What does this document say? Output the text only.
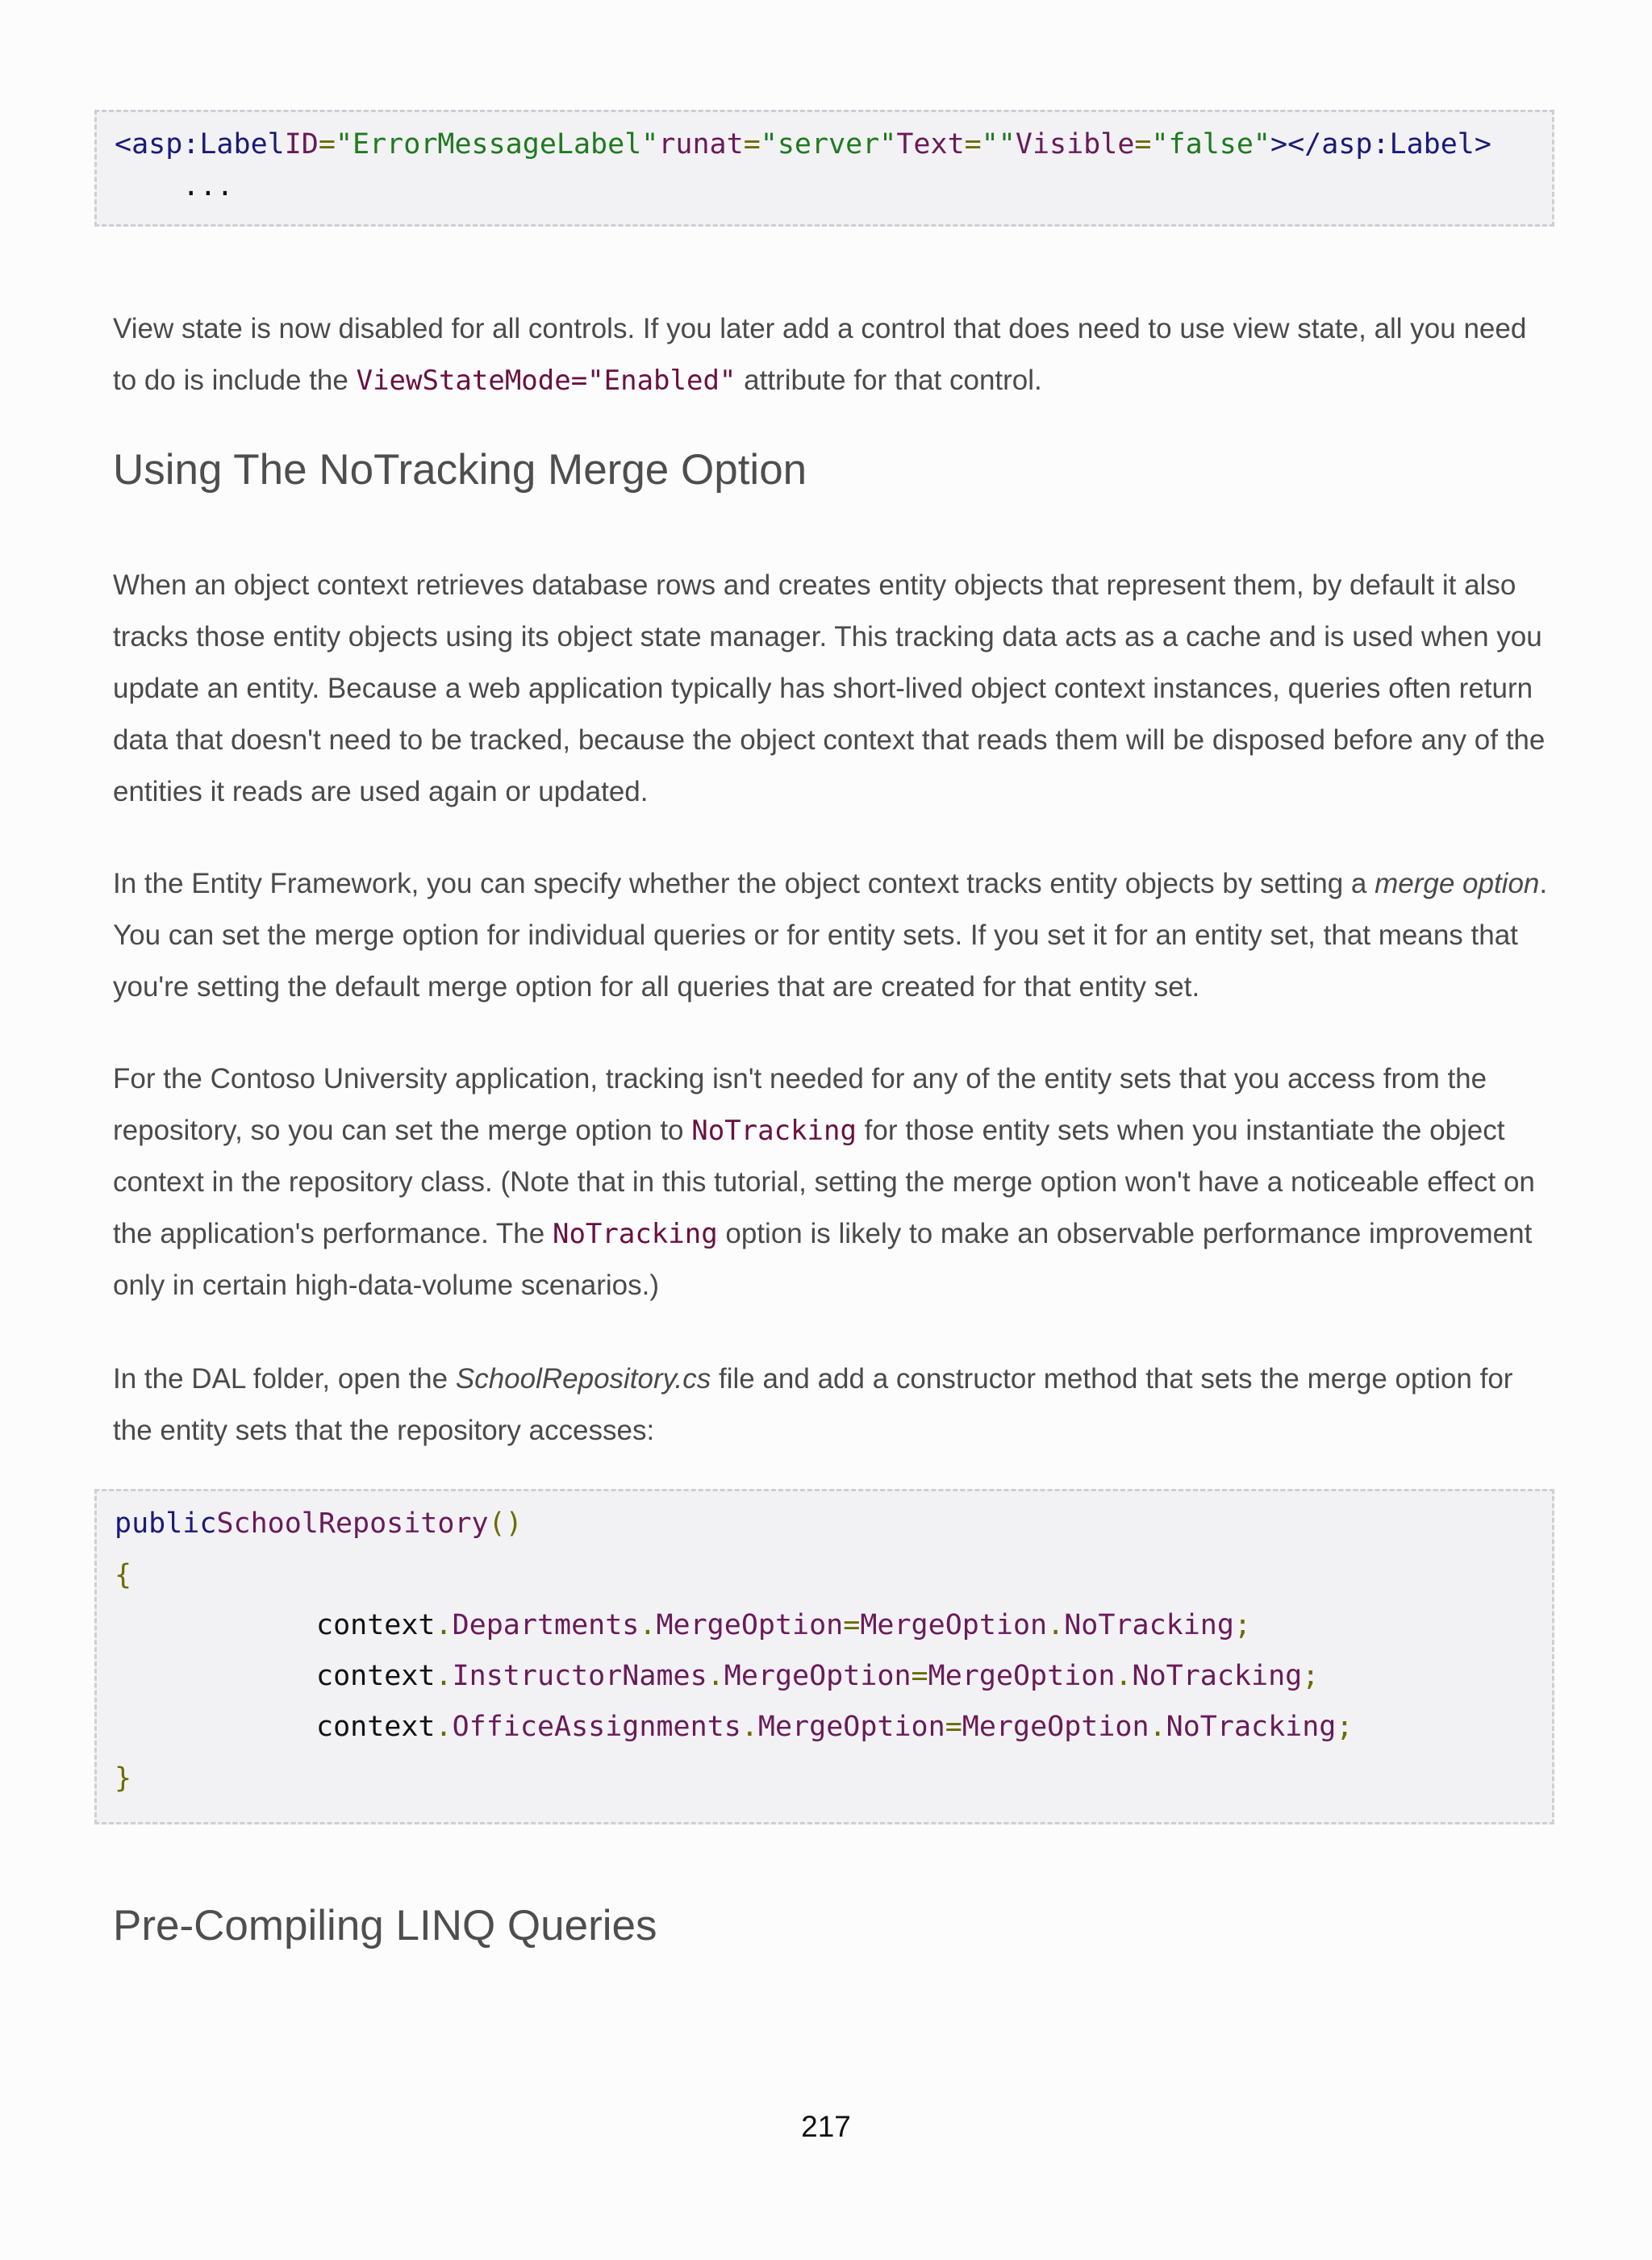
<asp:LabelID="ErrorMessageLabel"runat="server"Text=""Visible="false"></asp:Label>

...

View state is now disabled for all controls. If you later add a control that does need to use view state, all you need to do is include the ViewStateMode="Enabled" attribute for that control.

Using The NoTracking Merge Option

When an object context retrieves database rows and creates entity objects that represent them, by default it also tracks those entity objects using its object state manager. This tracking data acts as a cache and is used when you update an entity. Because a web application typically has short-lived object context instances, queries often return data that doesn't need to be tracked, because the object context that reads them will be disposed before any of the entities it reads are used again or updated.

In the Entity Framework, you can specify whether the object context tracks entity objects by setting a merge option. You can set the merge option for individual queries or for entity sets. If you set it for an entity set, that means that you're setting the default merge option for all queries that are created for that entity set.

For the Contoso University application, tracking isn't needed for any of the entity sets that you access from the repository, so you can set the merge option to NoTracking for those entity sets when you instantiate the object context in the repository class. (Note that in this tutorial, setting the merge option won't have a noticeable effect on the application's performance. The NoTracking option is likely to make an observable performance improvement only in certain high-data-volume scenarios.)

In the DAL folder, open the SchoolRepository.cs file and add a constructor method that sets the merge option for the entity sets that the repository accesses:

publicSchoolRepository()

{

context.Departments.MergeOption=MergeOption.NoTracking;

context.InstructorNames.MergeOption=MergeOption.NoTracking;

context.OfficeAssignments.MergeOption=MergeOption.NoTracking;

}

Pre-Compiling LINQ Queries
217
